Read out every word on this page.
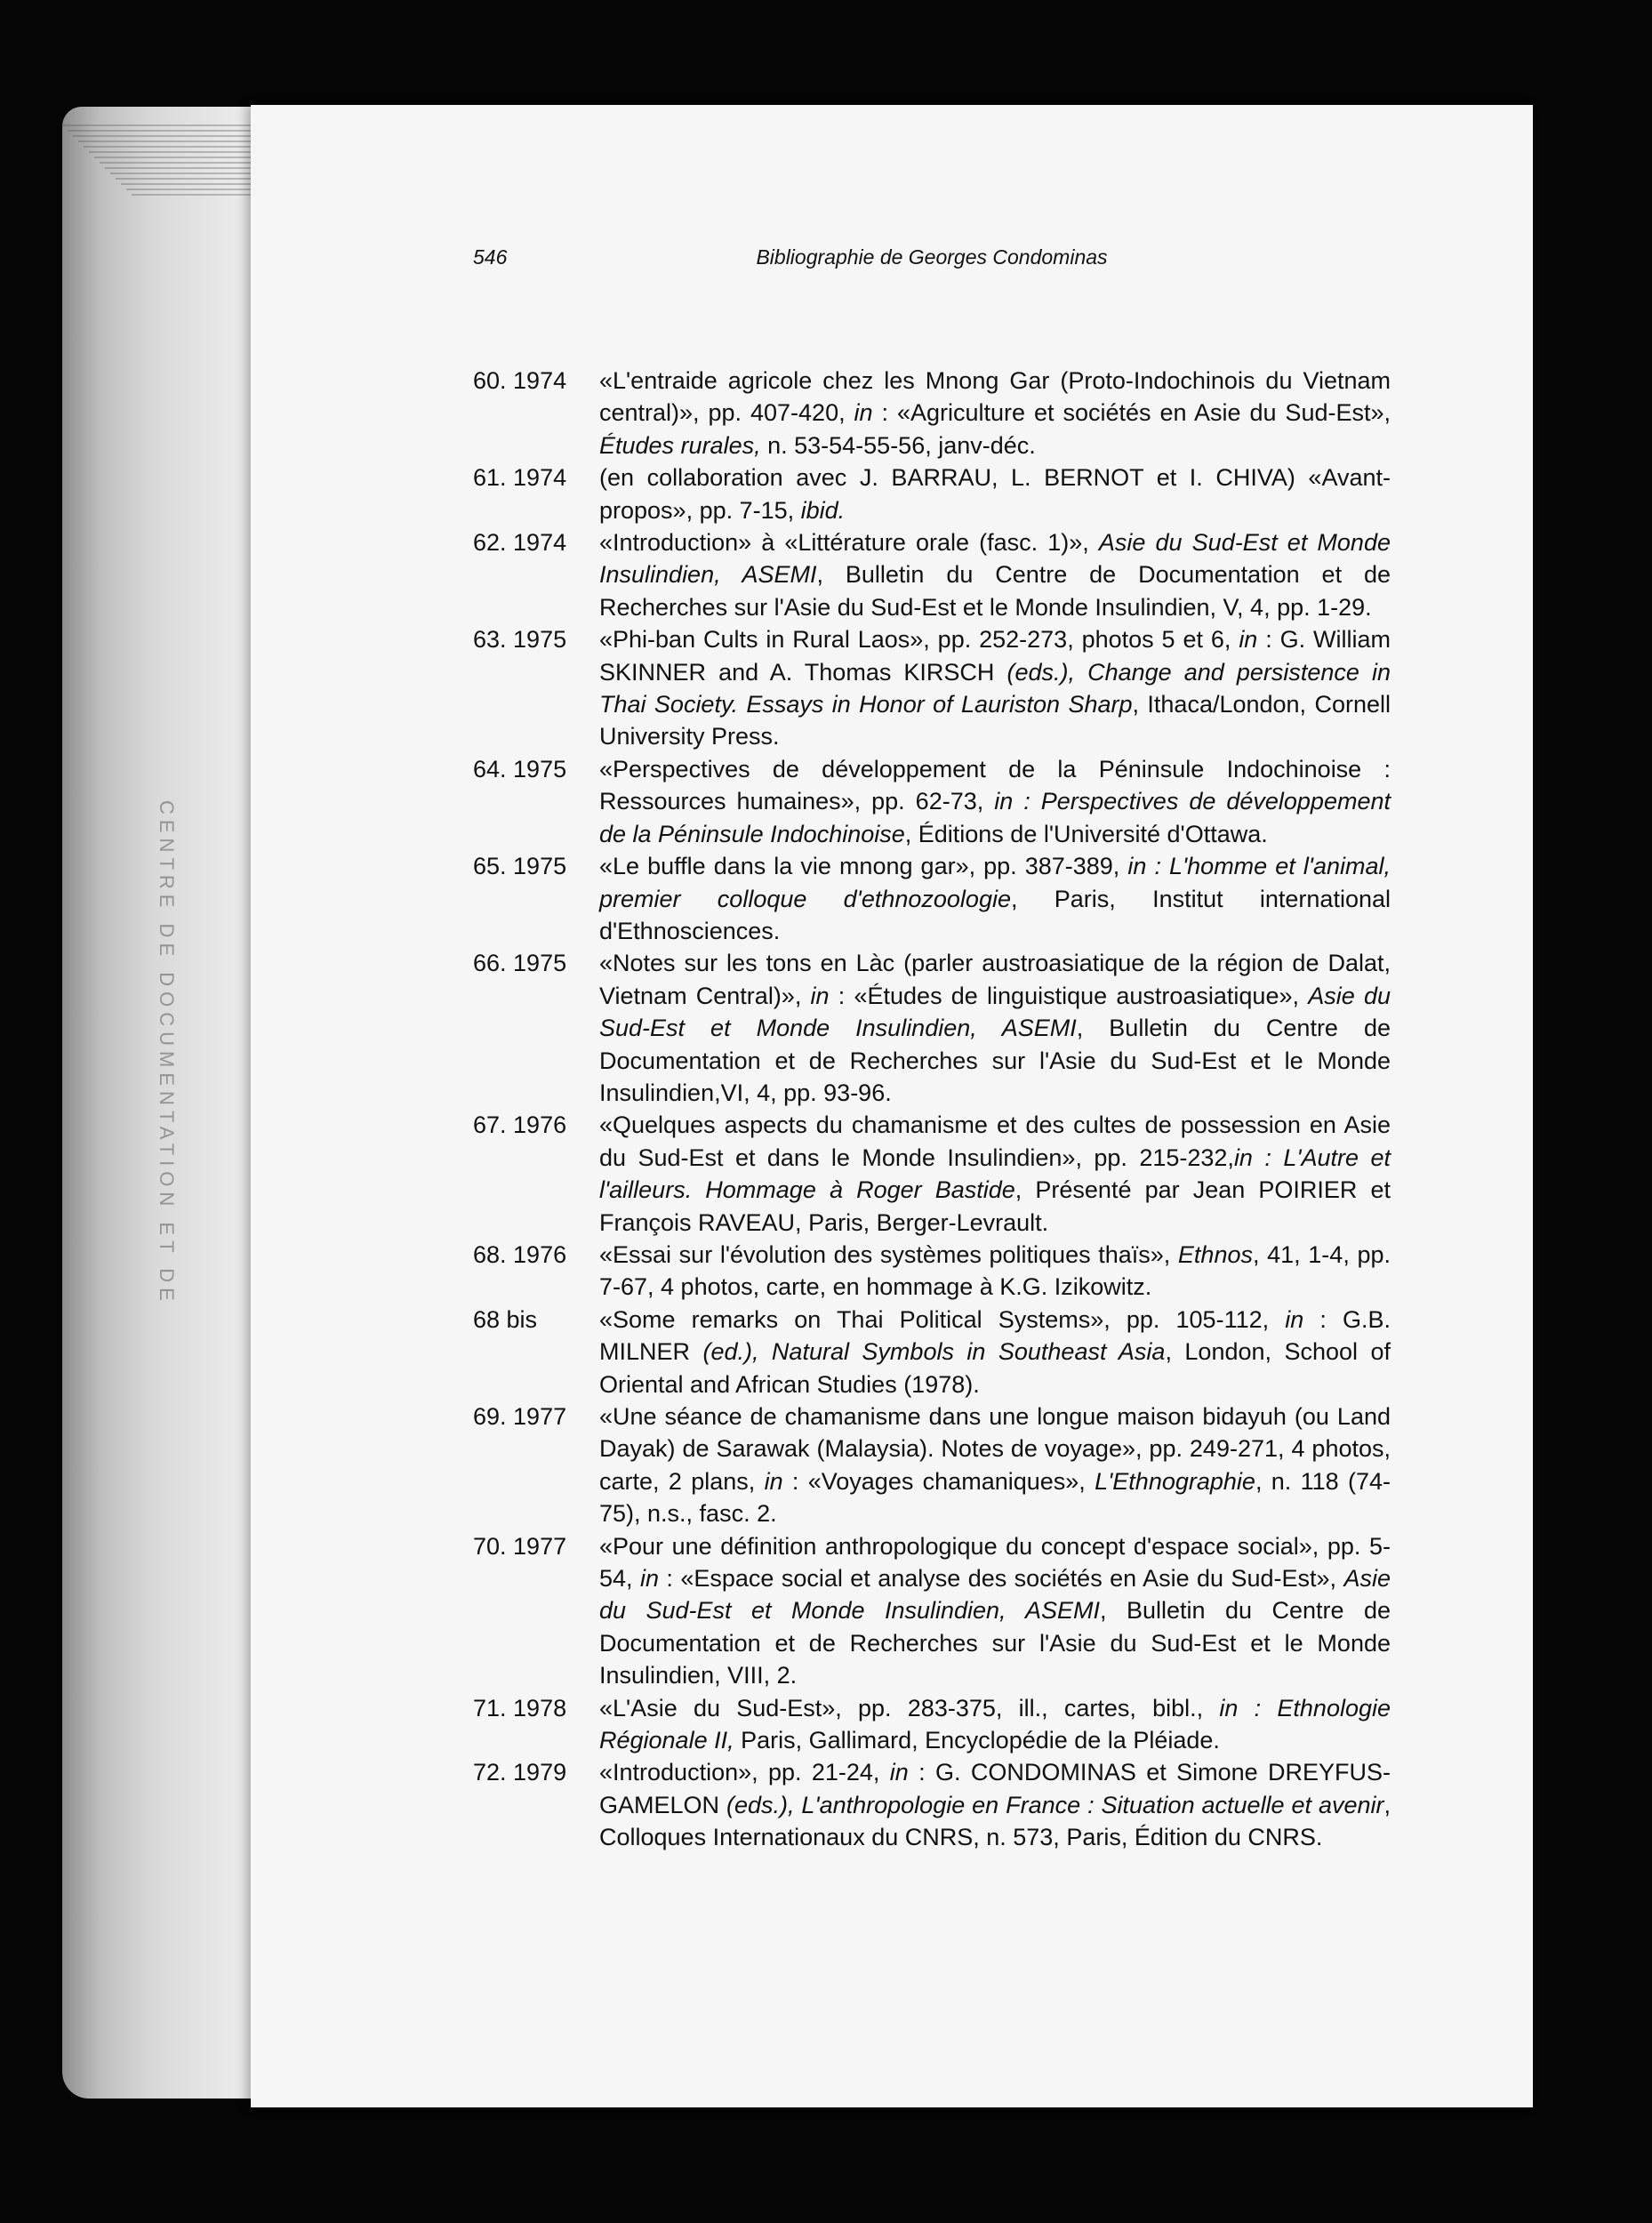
CENTRE DE DOCUMENTATION ET DE
546	Bibliographie de Georges Condominas
60. 1974	«L'entraide agricole chez les Mnong Gar (Proto-Indochinois du Vietnam central)», pp. 407-420, in : «Agriculture et sociétés en Asie du Sud-Est», Études rurales, n. 53-54-55-56, janv-déc.
61. 1974	(en collaboration avec J. BARRAU, L. BERNOT et I. CHIVA) «Avant-propos», pp. 7-15, ibid.
62. 1974	«Introduction» à «Littérature orale (fasc. 1)», Asie du Sud-Est et Monde Insulindien, ASEMI, Bulletin du Centre de Documentation et de Recherches sur l'Asie du Sud-Est et le Monde Insulindien, V, 4, pp. 1-29.
63. 1975	«Phi-ban Cults in Rural Laos», pp. 252-273, photos 5 et 6, in : G. William SKINNER and A. Thomas KIRSCH (eds.), Change and persistence in Thai Society. Essays in Honor of Lauriston Sharp, Ithaca/London, Cornell University Press.
64. 1975	«Perspectives de développement de la Péninsule Indochinoise : Ressources humaines», pp. 62-73, in : Perspectives de développement de la Péninsule Indochinoise, Éditions de l'Université d'Ottawa.
65. 1975	«Le buffle dans la vie mnong gar», pp. 387-389, in : L'homme et l'animal, premier colloque d'ethnozoologie, Paris, Institut international d'Ethnosciences.
66. 1975	«Notes sur les tons en Làc (parler austroasiatique de la région de Dalat, Vietnam Central)», in : «Études de linguistique austroasiatique», Asie du Sud-Est et Monde Insulindien, ASEMI, Bulletin du Centre de Documentation et de Recherches sur l'Asie du Sud-Est et le Monde Insulindien,VI, 4, pp. 93-96.
67. 1976	«Quelques aspects du chamanisme et des cultes de possession en Asie du Sud-Est et dans le Monde Insulindien», pp. 215-232,in : L'Autre et l'ailleurs. Hommage à Roger Bastide, Présenté par Jean POIRIER et François RAVEAU, Paris, Berger-Levrault.
68. 1976	«Essai sur l'évolution des systèmes politiques thaïs», Ethnos, 41, 1-4, pp. 7-67, 4 photos, carte, en hommage à K.G. Izikowitz.
68 bis	«Some remarks on Thai Political Systems», pp. 105-112, in : G.B. MILNER (ed.), Natural Symbols in Southeast Asia, London, School of Oriental and African Studies (1978).
69. 1977	«Une séance de chamanisme dans une longue maison bidayuh (ou Land Dayak) de Sarawak (Malaysia). Notes de voyage», pp. 249-271, 4 photos, carte, 2 plans, in : «Voyages chamaniques», L'Ethnographie, n. 118 (74-75), n.s., fasc. 2.
70. 1977	«Pour une définition anthropologique du concept d'espace social», pp. 5-54, in : «Espace social et analyse des sociétés en Asie du Sud-Est», Asie du Sud-Est et Monde Insulindien, ASEMI, Bulletin du Centre de Documentation et de Recherches sur l'Asie du Sud-Est et le Monde Insulindien, VIII, 2.
71. 1978	«L'Asie du Sud-Est», pp. 283-375, ill., cartes, bibl., in : Ethnologie Régionale II, Paris, Gallimard, Encyclopédie de la Pléiade.
72. 1979	«Introduction», pp. 21-24, in : G. CONDOMINAS et Simone DREYFUS-GAMELON (eds.), L'anthropologie en France : Situation actuelle et avenir, Colloques Internationaux du CNRS, n. 573, Paris, Édition du CNRS.
